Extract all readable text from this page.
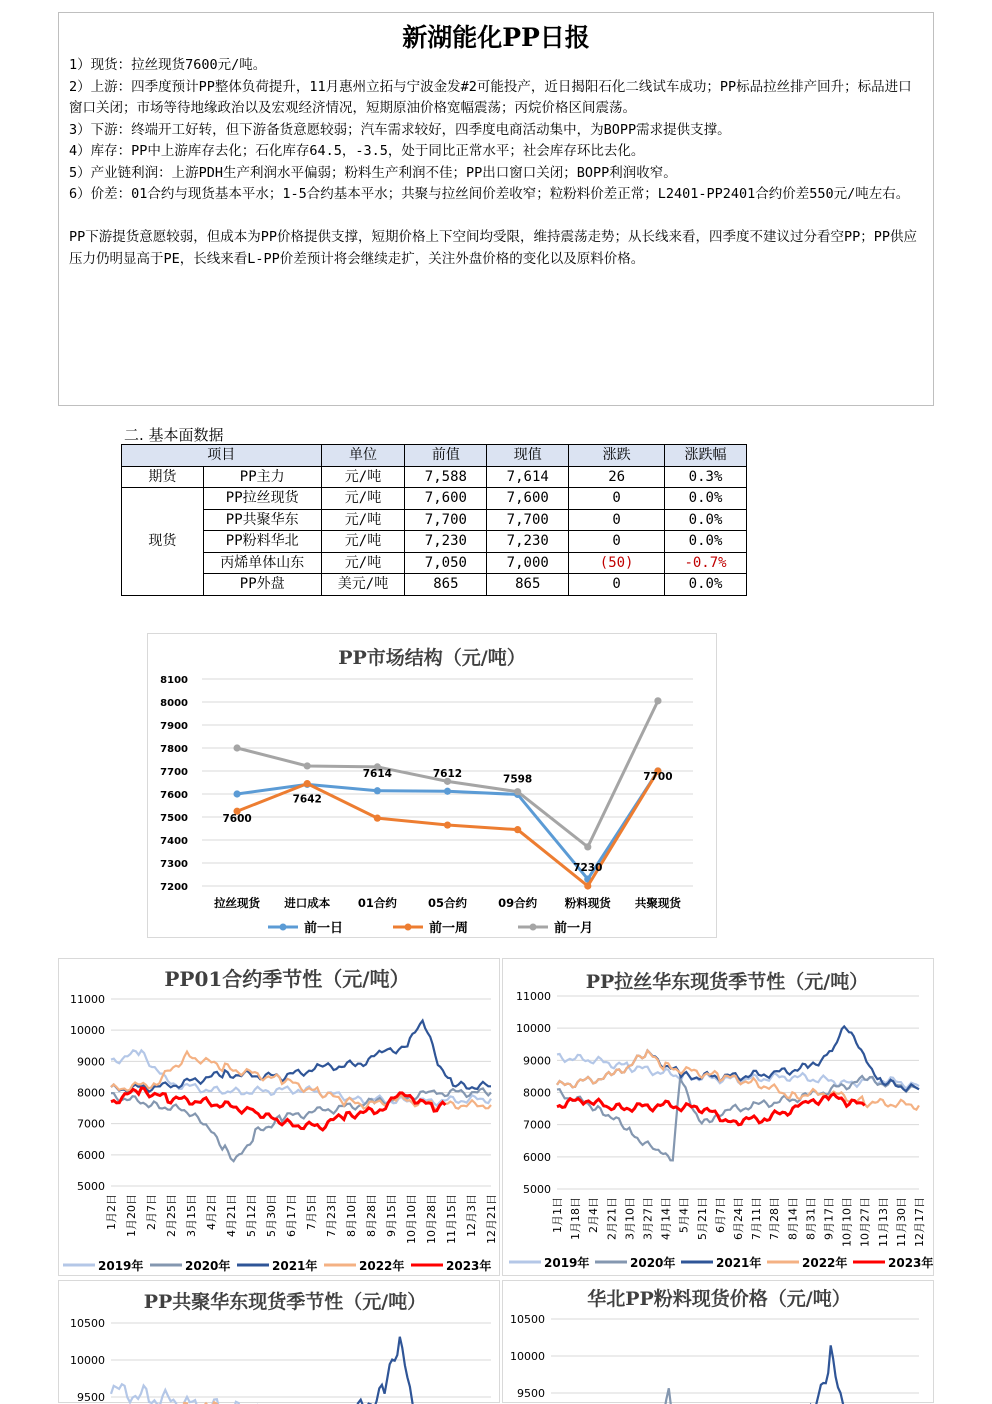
新湖能化PP日报
1）现货：拉丝现货7600元/吨。
2）上游：四季度预计PP整体负荷提升，11月惠州立拓与宁波金发#2可能投产，近日揭阳石化二线试车成功；PP标品拉丝排产回升；标品进口窗口关闭；市场等待地缘政治以及宏观经济情况，短期原油价格宽幅震荡；丙烷价格区间震荡。
3）下游：终端开工好转，但下游备货意愿较弱；汽车需求较好，四季度电商活动集中，为BOPP需求提供支撑。
4）库存：PP中上游库存去化；石化库存64.5，-3.5，处于同比正常水平；社会库存环比去化。
5）产业链利润：上游PDH生产利润水平偏弱；粉料生产利润不佳；PP出口窗口关闭；BOPP利润收窄。
6）价差：01合约与现货基本平水；1-5合约基本平水；共聚与拉丝间价差收窄；粒粉料价差正常；L2401-PP2401合约价差550元/吨左右。
PP下游提货意愿较弱，但成本为PP价格提供支撑，短期价格上下空间均受限，维持震荡走势；从长线来看，四季度不建议过分看空PP；PP供应压力仍明显高于PE，长线来看L-PP价差预计将会继续走扩，关注外盘价格的变化以及原料价格。
二. 基本面数据
项目		单位	前值	现值	涨跌	涨跌幅
期货	PP主力	元/吨	7,588	7,614	26	0.3%
现货	PP拉丝现货	元/吨	7,600	7,600	0	0.0%
	PP共聚华东	元/吨	7,700	7,700	0	0.0%
	PP粉料华北	元/吨	7,230	7,230	0	0.0%
	丙烯单体山东	元/吨	7,050	7,000	(50)	-0.7%
	PP外盘	美元/吨	865	865	0	0.0%
PP市场结构（元/吨）
7200
7300
7400
7500
7600
7700
7800
7900
8000
8100
拉丝现货 进口成本 01合约	05合约	09合约 粉料现货 共聚现货
7600
7642
7614	7612	7598
7230
7700
前一日	前一周	前一月
PP01合约季节性（元/吨）
5000
6000
7000
8000
9000
10000
11000
1月2日 1月20日 2月7日 2月25日 3月15日 4月2日 4月21日 5月12日 5月30日 6月17日 7月5日 7月23日 8月10日 8月28日 9月15日 10月10日 10月28日 11月15日 12月3日 12月21日
2019年	2020年	2021年	2022年	2023年
PP拉丝华东现货季节性（元/吨）
5000
6000
7000
8000
9000
10000
11000
1月1日 1月18日 2月4日 2月21日 3月10日 3月27日 4月14日 5月4日 5月21日 6月7日 6月24日 7月11日 7月28日 8月14日 8月31日 9月17日 10月10日 10月27日 11月13日 11月30日 12月17日
2019年	2020年	2021年	2022年	2023年
PP共聚华东现货季节性（元/吨）
9500
10000
10500
华北PP粉料现货价格（元/吨）
9500
10000
10500
